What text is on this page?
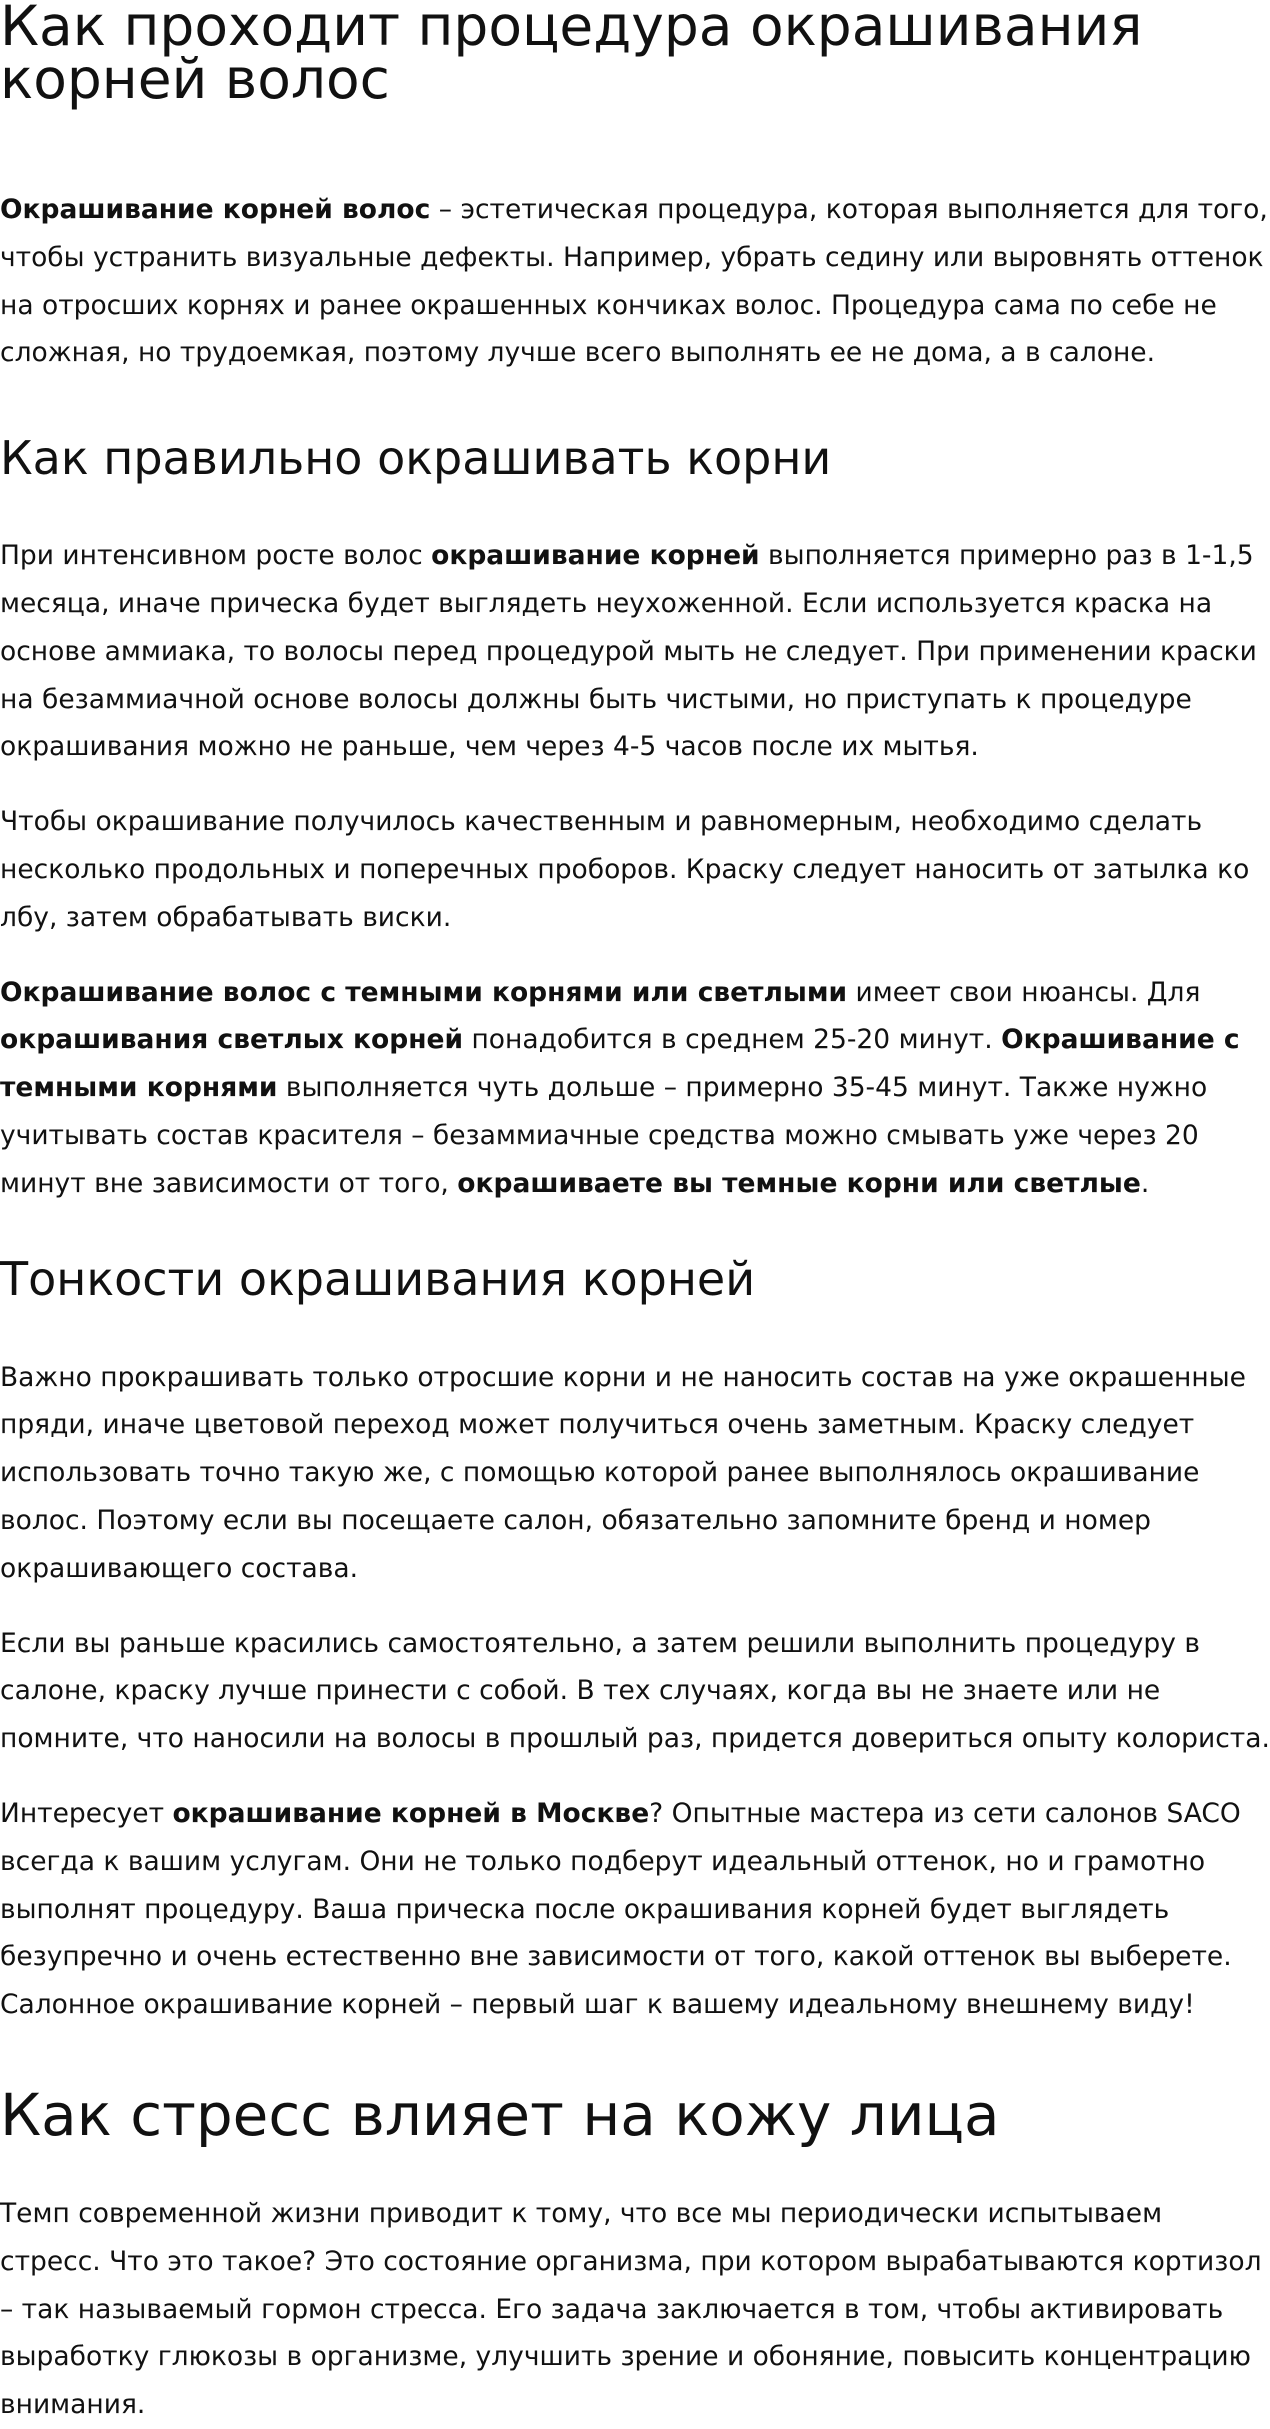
Как проходит процедура окрашивания корней волос

Окрашивание корней волос – эстетическая процедура, которая выполняется для того, чтобы устранить визуальные дефекты. Например, убрать седину или выровнять оттенок на отросших корнях и ранее окрашенных кончиках волос. Процедура сама по себе не сложная, но трудоемкая, поэтому лучше всего выполнять ее не дома, а в салоне.

Как правильно окрашивать корни

При интенсивном росте волос окрашивание корней выполняется примерно раз в 1-1,5 месяца, иначе прическа будет выглядеть неухоженной. Если используется краска на основе аммиака, то волосы перед процедурой мыть не следует. При применении краски на безаммиачной основе волосы должны быть чистыми, но приступать к процедуре окрашивания можно не раньше, чем через 4-5 часов после их мытья.

Чтобы окрашивание получилось качественным и равномерным, необходимо сделать несколько продольных и поперечных проборов. Краску следует наносить от затылка ко лбу, затем обрабатывать виски.

Окрашивание волос с темными корнями или светлыми имеет свои нюансы. Для окрашивания светлых корней понадобится в среднем 25-20 минут. Окрашивание с темными корнями выполняется чуть дольше – примерно 35-45 минут. Также нужно учитывать состав красителя – безаммиачные средства можно смывать уже через 20 минут вне зависимости от того, окрашиваете вы темные корни или светлые.

Тонкости окрашивания корней

Важно прокрашивать только отросшие корни и не наносить состав на уже окрашенные пряди, иначе цветовой переход может получиться очень заметным. Краску следует использовать точно такую же, с помощью которой ранее выполнялось окрашивание волос. Поэтому если вы посещаете салон, обязательно запомните бренд и номер окрашивающего состава.

Если вы раньше красились самостоятельно, а затем решили выполнить процедуру в салоне, краску лучше принести с собой. В тех случаях, когда вы не знаете или не помните, что наносили на волосы в прошлый раз, придется довериться опыту колориста.

Интересует окрашивание корней в Москве? Опытные мастера из сети салонов SACO всегда к вашим услугам. Они не только подберут идеальный оттенок, но и грамотно выполнят процедуру. Ваша прическа после окрашивания корней будет выглядеть безупречно и очень естественно вне зависимости от того, какой оттенок вы выберете. Салонное окрашивание корней – первый шаг к вашему идеальному внешнему виду!

Как стресс влияет на кожу лица

Темп современной жизни приводит к тому, что все мы периодически испытываем стресс. Что это такое? Это состояние организма, при котором вырабатываются кортизол – так называемый гормон стресса. Его задача заключается в том, чтобы активировать выработку глюкозы в организме, улучшить зрение и обоняние, повысить концентрацию внимания.
